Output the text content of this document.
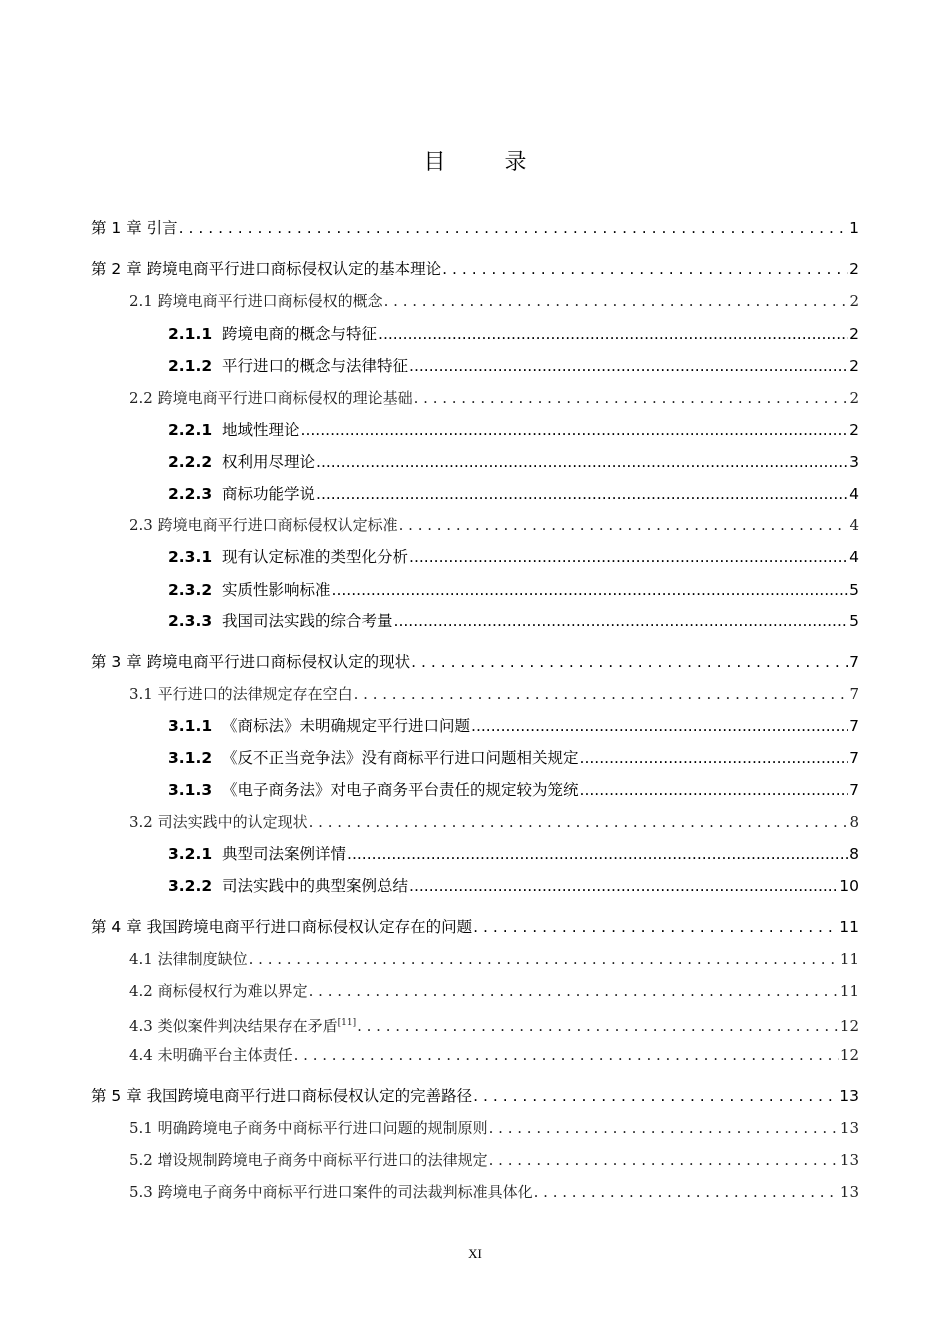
目 录
第 1 章 引言 . . .	1
第 2 章 跨境电商平行进口商标侵权认定的基本理论 . . .	2
2.1 跨境电商平行进口商标侵权的概念 . . .	2
2.1.1 跨境电商的概念与特征 .....	2
2.1.2 平行进口的概念与法律特征 .....	2
2.2 跨境电商平行进口商标侵权的理论基础 . . .	2
2.2.1 地域性理论 .....	2
2.2.2 权利用尽理论 .....	3
2.2.3 商标功能学说 .....	4
2.3 跨境电商平行进口商标侵权认定标准 . . .	4
2.3.1 现有认定标准的类型化分析 .....	4
2.3.2 实质性影响标准 .....	5
2.3.3 我国司法实践的综合考量 .....	5
第 3 章 跨境电商平行进口商标侵权认定的现状 . . .	7
3.1 平行进口的法律规定存在空白 . . .	7
3.1.1 《商标法》未明确规定平行进口问题 .....	7
3.1.2 《反不正当竞争法》没有商标平行进口问题相关规定 .....	7
3.1.3 《电子商务法》对电子商务平台责任的规定较为笼统 .....	7
3.2 司法实践中的认定现状 . . .	8
3.2.1 典型司法案例详情 .....	8
3.2.2 司法实践中的典型案例总结 .....	10
第 4 章 我国跨境电商平行进口商标侵权认定存在的问题 . . .	11
4.1 法律制度缺位 . . .	11
4.2 商标侵权行为难以界定 . . .	11
4.3 类似案件判决结果存在矛盾[11] . . .	12
4.4 未明确平台主体责任 . . .	12
第 5 章 我国跨境电商平行进口商标侵权认定的完善路径 . . .	13
5.1 明确跨境电子商务中商标平行进口问题的规制原则 . . .	13
5.2 增设规制跨境电子商务中商标平行进口的法律规定 . . .	13
5.3 跨境电子商务中商标平行进口案件的司法裁判标准具体化 . . .	13
XI
